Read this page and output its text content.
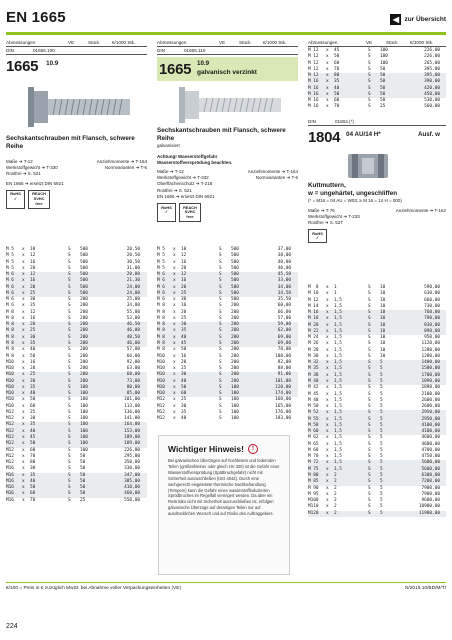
EN 1665	◀ zur Übersicht
Abmessungen	VE	Stück	€/1000 Stk.
DIN	01665.100
1665 10.9
Sechskantschrauben mit Flansch, schwere Reihe
Maße ➔ T-12	Anziehmomente ➔ T-164
Werkstoffgewicht ➔ T-330	Normvarianten ➔ T-6
Rostfrei ➔ S. 521
EN 1665 ➔ ersetzt DIN 6921
RoHS ✓
REACH SVHC free
M 5	x	10	S	500	20,50
M 5	x	12	S	500	20,50
M 5	x	16	S	500	30,50
M 5	x	20	S	500	31,00
M 6	x	12	S	500	20,00
M 6	x	16	S	500	21,30
M 6	x	20	S	500	24,00
M 6	x	25	S	500	24,00
M 6	x	30	S	200	25,00
M 6	x	35	S	200	34,00
M 8	x	12	S	200	55,00
M 8	x	16	S	200	53,00
M 8	x	20	S	200	46,50
M 8	x	25	S	200	46,00
M 8	x	30	S	200	40,50
M 8	x	35	S	200	46,00
M 8	x	40	S	200	57,00
M 8	x	50	S	200	66,00
M10	x	16	S	200	92,00
M10	x	20	S	200	63,00
M10	x	25	S	200	68,00
M10	x	30	S	200	73,00
M10	x	35	S	100	80,00
M10	x	40	S	100	85,00
M10	x	50	S	100	101,00
M10	x	60	S	100	113,00
M12	x	25	S	100	136,00
M12	x	30	S	100	141,00
M12	x	35	S	100	164,00
M12	x	40	S	100	153,00
M12	x	45	S	100	189,00
M12	x	50	S	100	189,00
M12	x	60	S	100	226,00
M12	x	70	S	50	295,00
M12	x	80	S	50	350,00
M16	x	30	S	50	330,00
M16	x	35	S	50	347,00
M16	x	40	S	50	385,00
M16	x	50	S	50	410,00
M16	x	60	S	50	460,00
M16	x	70	S	25	550,00
Abmessungen	VE	Stück	€/1000 Stk.
DIN	01665.110
1665 10.9
galvanisch verzinkt
Sechskantschrauben mit Flansch, schwere Reihe
galvanisiert
Achtung! Wasserstoffgefahr
Wasserstoffversprödung beachten.
Maße ➔ T-12	Anziehmomente ➔ T-164
Werkstoffgewicht ➔ T-332	Normvarianten ➔ T-6
Oberflächenschutz ➔ T-218
Rostfrei ➔ S. 521
EN 1665 ➔ ersetzt DIN 6921
RoHS ✓
REACH SVHC free
M 5	x	10	S	500	37,00
M 5	x	12	S	500	38,00
M 5	x	16	S	500	40,00
M 5	x	20	S	500	40,00
M 6	x	12	S	500	45,50
M 6	x	16	S	500	33,00
M 6	x	20	S	500	34,00
M 6	x	25	S	500	34,50
M 6	x	30	S	500	35,50
M 8	x	16	S	200	60,00
M 8	x	20	S	200	66,00
M 8	x	25	S	200	57,00
M 8	x	30	S	200	59,00
M 8	x	35	S	200	62,00
M 8	x	40	S	200	69,00
M 8	x	45	S	200	69,00
M 8	x	50	S	200	78,00
M10	x	16	S	200	108,00
M10	x	20	S	200	82,00
M10	x	25	S	200	88,00
M10	x	30	S	200	91,00
M10	x	40	S	200	101,00
M10	x	50	S	100	120,00
M10	x	60	S	100	174,00
M12	x	25	S	100	160,00
M12	x	30	S	100	165,00
M12	x	35	S	100	176,00
M12	x	40	S	100	183,00
Wichtiger Hinweis!	!
Bei galvanischen Überzügen auf hochfesten und federnden Teilen (größer/kleiner oder gleich HV 320) ist die Gefahr einer Wasserstoffversprödung (Spätbruchgefahr) nicht mit Sicherheit auszuschließen (ISO 4042). Durch eine sachgerecht eingeleitete thermische Nachbehandlung (Tempern) kann die Gefahr eines wasserstoffinduzierten Sprödbruches im Regelfall verringert werden. Da aber ein Restrisiko nicht mit Sicherheit auszuschließen ist, erfolgen galvanische Überzüge auf derartigen Teilen nur auf ausdrücklichen Wunsch und auf Risiko des Auftraggebers.
Abmessungen	VE	Stück	€/1000 Stk.
M 12	x	45	S	100	226,00
M 12	x	50	S	100	226,00
M 12	x	60	S	100	265,00
M 12	x	70	S	50	395,00
M 12	x	80	S	50	395,00
M 16	x	35	S	50	390,00
M 16	x	40	S	50	420,00
M 16	x	50	S	50	450,00
M 16	x	60	S	50	530,00
M 16	x	70	S	25	560,00
DIN	01804.(*)
1804 04 AU/14 H*	Ausf. w
Kuttmuttern,
w = ungehärtet, ungeschliffen
(* = M16 = 04 AU = W03; ≥ M 16 = 14 H = 000)
Maße ➔ T-76	Anziehmomente ➔ T-162
Werkstoffgewicht ➔ T-233
Rostfrei ➔ S. 527
RoHS ✓
M  8	x	1	S	10	590,00
M 10	x	1	S	10	630,00
M 12	x	1,5	S	10	660,00
M 14	x	1,5	S	10	730,00
M 16	x	1,5	S	10	760,00
M 18	x	1,5	S	10	790,00
M 20	x	1,5	S	10	830,00
M 22	x	1,5	S	10	890,00
M 24	x	1,5	S	10	950,00
M 26	x	1,5	S	10	1120,00
M 28	x	1,5	S	10	1280,00
M 30	x	1,5	S	10	1280,00
M 32	x	1,5	S	5	1480,00
M 35	x	1,5	S	5	1580,00
M 38	x	1,5	S	5	1700,00
M 40	x	1,5	S	5	1890,00
M 42	x	1,5	S	5	1890,00
M 45	x	1,5	S	5	2100,00
M 48	x	1,5	S	5	2600,00
M 50	x	1,5	S	5	2600,00
M 52	x	1,5	S	5	2950,00
M 55	x	1,5	S	5	2950,00
M 58	x	1,5	S	5	4100,00
M 60	x	1,5	S	5	4100,00
M 62	x	1,5	S	5	4600,00
M 65	x	1,5	S	5	4600,00
M 68	x	1,5	S	5	4700,00
M 70	x	1,5	S	5	4750,00
M 72	x	1,5	S	5	5600,00
M 75	x	1,5	S	5	5600,00
M 80	x	2	S	5	6300,00
M 85	x	2	S	5	7200,00
M 90	x	2	S	5	7900,00
M 95	x	2	S	5	7900,00
M100	x	2	S	5	9600,00
M110	x	2	S	5	10900,00
M120	x	2	S	5	11900,00
€/100 = Preis in € zuzüglich MwSt. bei Abnahme voller Verpackungseinheiten (VE)	N/2015.10/BD/M/TI
224
